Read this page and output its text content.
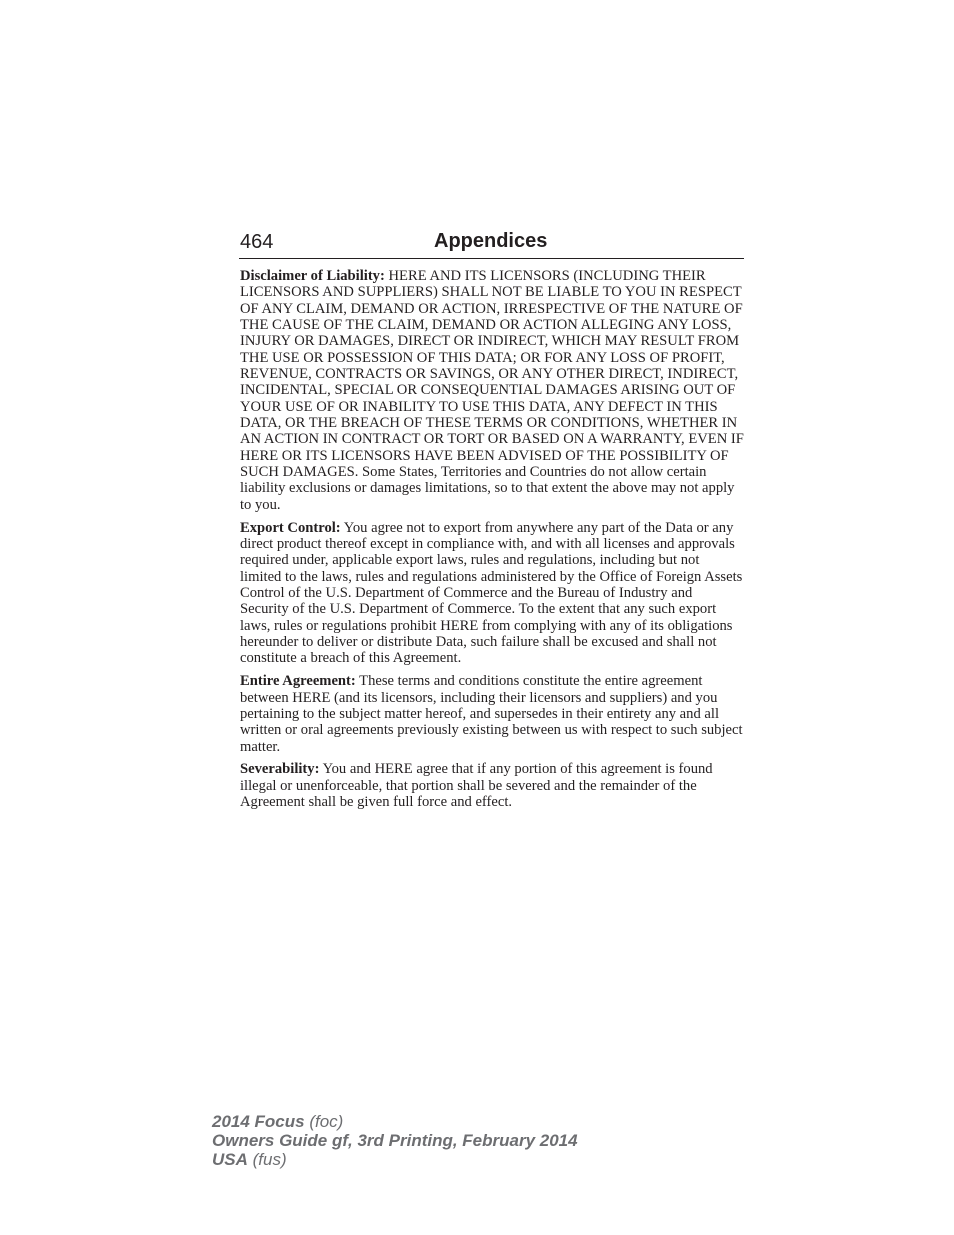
464	Appendices

Disclaimer of Liability: HERE AND ITS LICENSORS (INCLUDING THEIR LICENSORS AND SUPPLIERS) SHALL NOT BE LIABLE TO YOU IN RESPECT OF ANY CLAIM, DEMAND OR ACTION, IRRESPECTIVE OF THE NATURE OF THE CAUSE OF THE CLAIM, DEMAND OR ACTION ALLEGING ANY LOSS, INJURY OR DAMAGES, DIRECT OR INDIRECT, WHICH MAY RESULT FROM THE USE OR POSSESSION OF THIS DATA; OR FOR ANY LOSS OF PROFIT, REVENUE, CONTRACTS OR SAVINGS, OR ANY OTHER DIRECT, INDIRECT, INCIDENTAL, SPECIAL OR CONSEQUENTIAL DAMAGES ARISING OUT OF YOUR USE OF OR INABILITY TO USE THIS DATA, ANY DEFECT IN THIS DATA, OR THE BREACH OF THESE TERMS OR CONDITIONS, WHETHER IN AN ACTION IN CONTRACT OR TORT OR BASED ON A WARRANTY, EVEN IF HERE OR ITS LICENSORS HAVE BEEN ADVISED OF THE POSSIBILITY OF SUCH DAMAGES. Some States, Territories and Countries do not allow certain liability exclusions or damages limitations, so to that extent the above may not apply to you.

Export Control: You agree not to export from anywhere any part of the Data or any direct product thereof except in compliance with, and with all licenses and approvals required under, applicable export laws, rules and regulations, including but not limited to the laws, rules and regulations administered by the Office of Foreign Assets Control of the U.S. Department of Commerce and the Bureau of Industry and Security of the U.S. Department of Commerce. To the extent that any such export laws, rules or regulations prohibit HERE from complying with any of its obligations hereunder to deliver or distribute Data, such failure shall be excused and shall not constitute a breach of this Agreement.

Entire Agreement: These terms and conditions constitute the entire agreement between HERE (and its licensors, including their licensors and suppliers) and you pertaining to the subject matter hereof, and supersedes in their entirety any and all written or oral agreements previously existing between us with respect to such subject matter.

Severability: You and HERE agree that if any portion of this agreement is found illegal or unenforceable, that portion shall be severed and the remainder of the Agreement shall be given full force and effect.

2014 Focus (foc)
Owners Guide gf, 3rd Printing, February 2014
USA (fus)
